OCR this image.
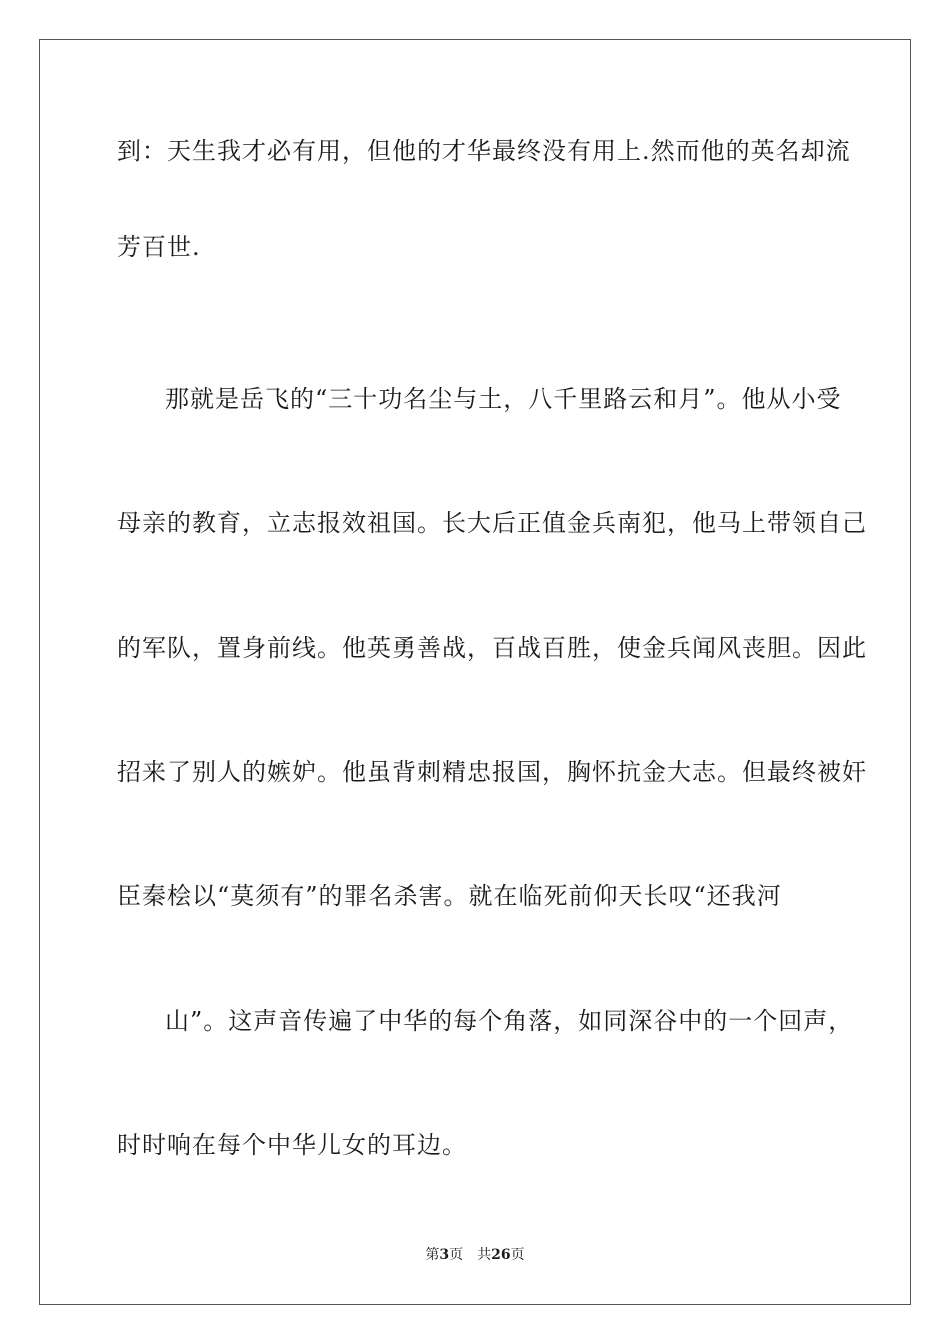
到：天生我才必有用，但他的才华最终没有用上.然而他的英名却流
芳百世.
那就是岳飞的“三十功名尘与土，八千里路云和月”。他从小受
母亲的教育，立志报效祖国。长大后正值金兵南犯，他马上带领自己
的军队，置身前线。他英勇善战，百战百胜，使金兵闻风丧胆。因此
招来了别人的嫉妒。他虽背刺精忠报国，胸怀抗金大志。但最终被奸
臣秦桧以“莫须有”的罪名杀害。就在临死前仰天长叹“还我河
山”。这声音传遍了中华的每个角落，如同深谷中的一个回声，
时时响在每个中华儿女的耳边。
第3页 共26页
